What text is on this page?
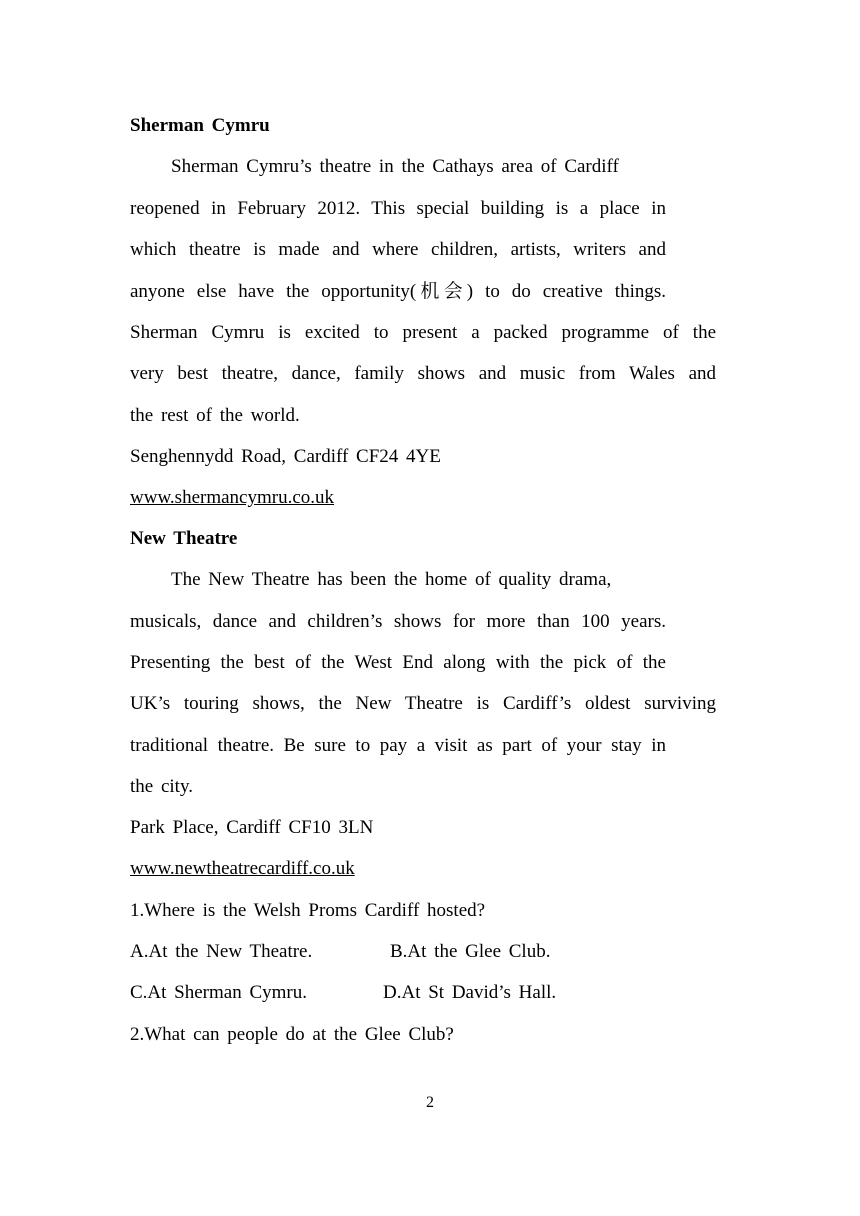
Sherman Cymru
Sherman Cymru’s theatre in the Cathays area of Cardiff
reopened in February 2012. This special building is a place in
which theatre is made and where children, artists, writers and
anyone else have the opportunity(机会) to do creative things.
Sherman Cymru is excited to present a packed programme of the
very best theatre, dance, family shows and music from Wales and
the rest of the world.
Senghennydd Road, Cardiff CF24 4YE
www.shermancymru.co.uk
New Theatre
The New Theatre has been the home of quality drama,
musicals, dance and children’s shows for more than 100 years.
Presenting the best of the West End along with the pick of the
UK’s touring shows, the New Theatre is Cardiff’s oldest surviving
traditional theatre. Be sure to pay a visit as part of your stay in
the city.
Park Place, Cardiff CF10 3LN
www.newtheatrecardiff.co.uk
1.Where is the Welsh Proms Cardiff hosted?
A.At the New Theatre.	B.At the Glee Club.
C.At Sherman Cymru.	D.At St David’s Hall.
2.What can people do at the Glee Club?
2
